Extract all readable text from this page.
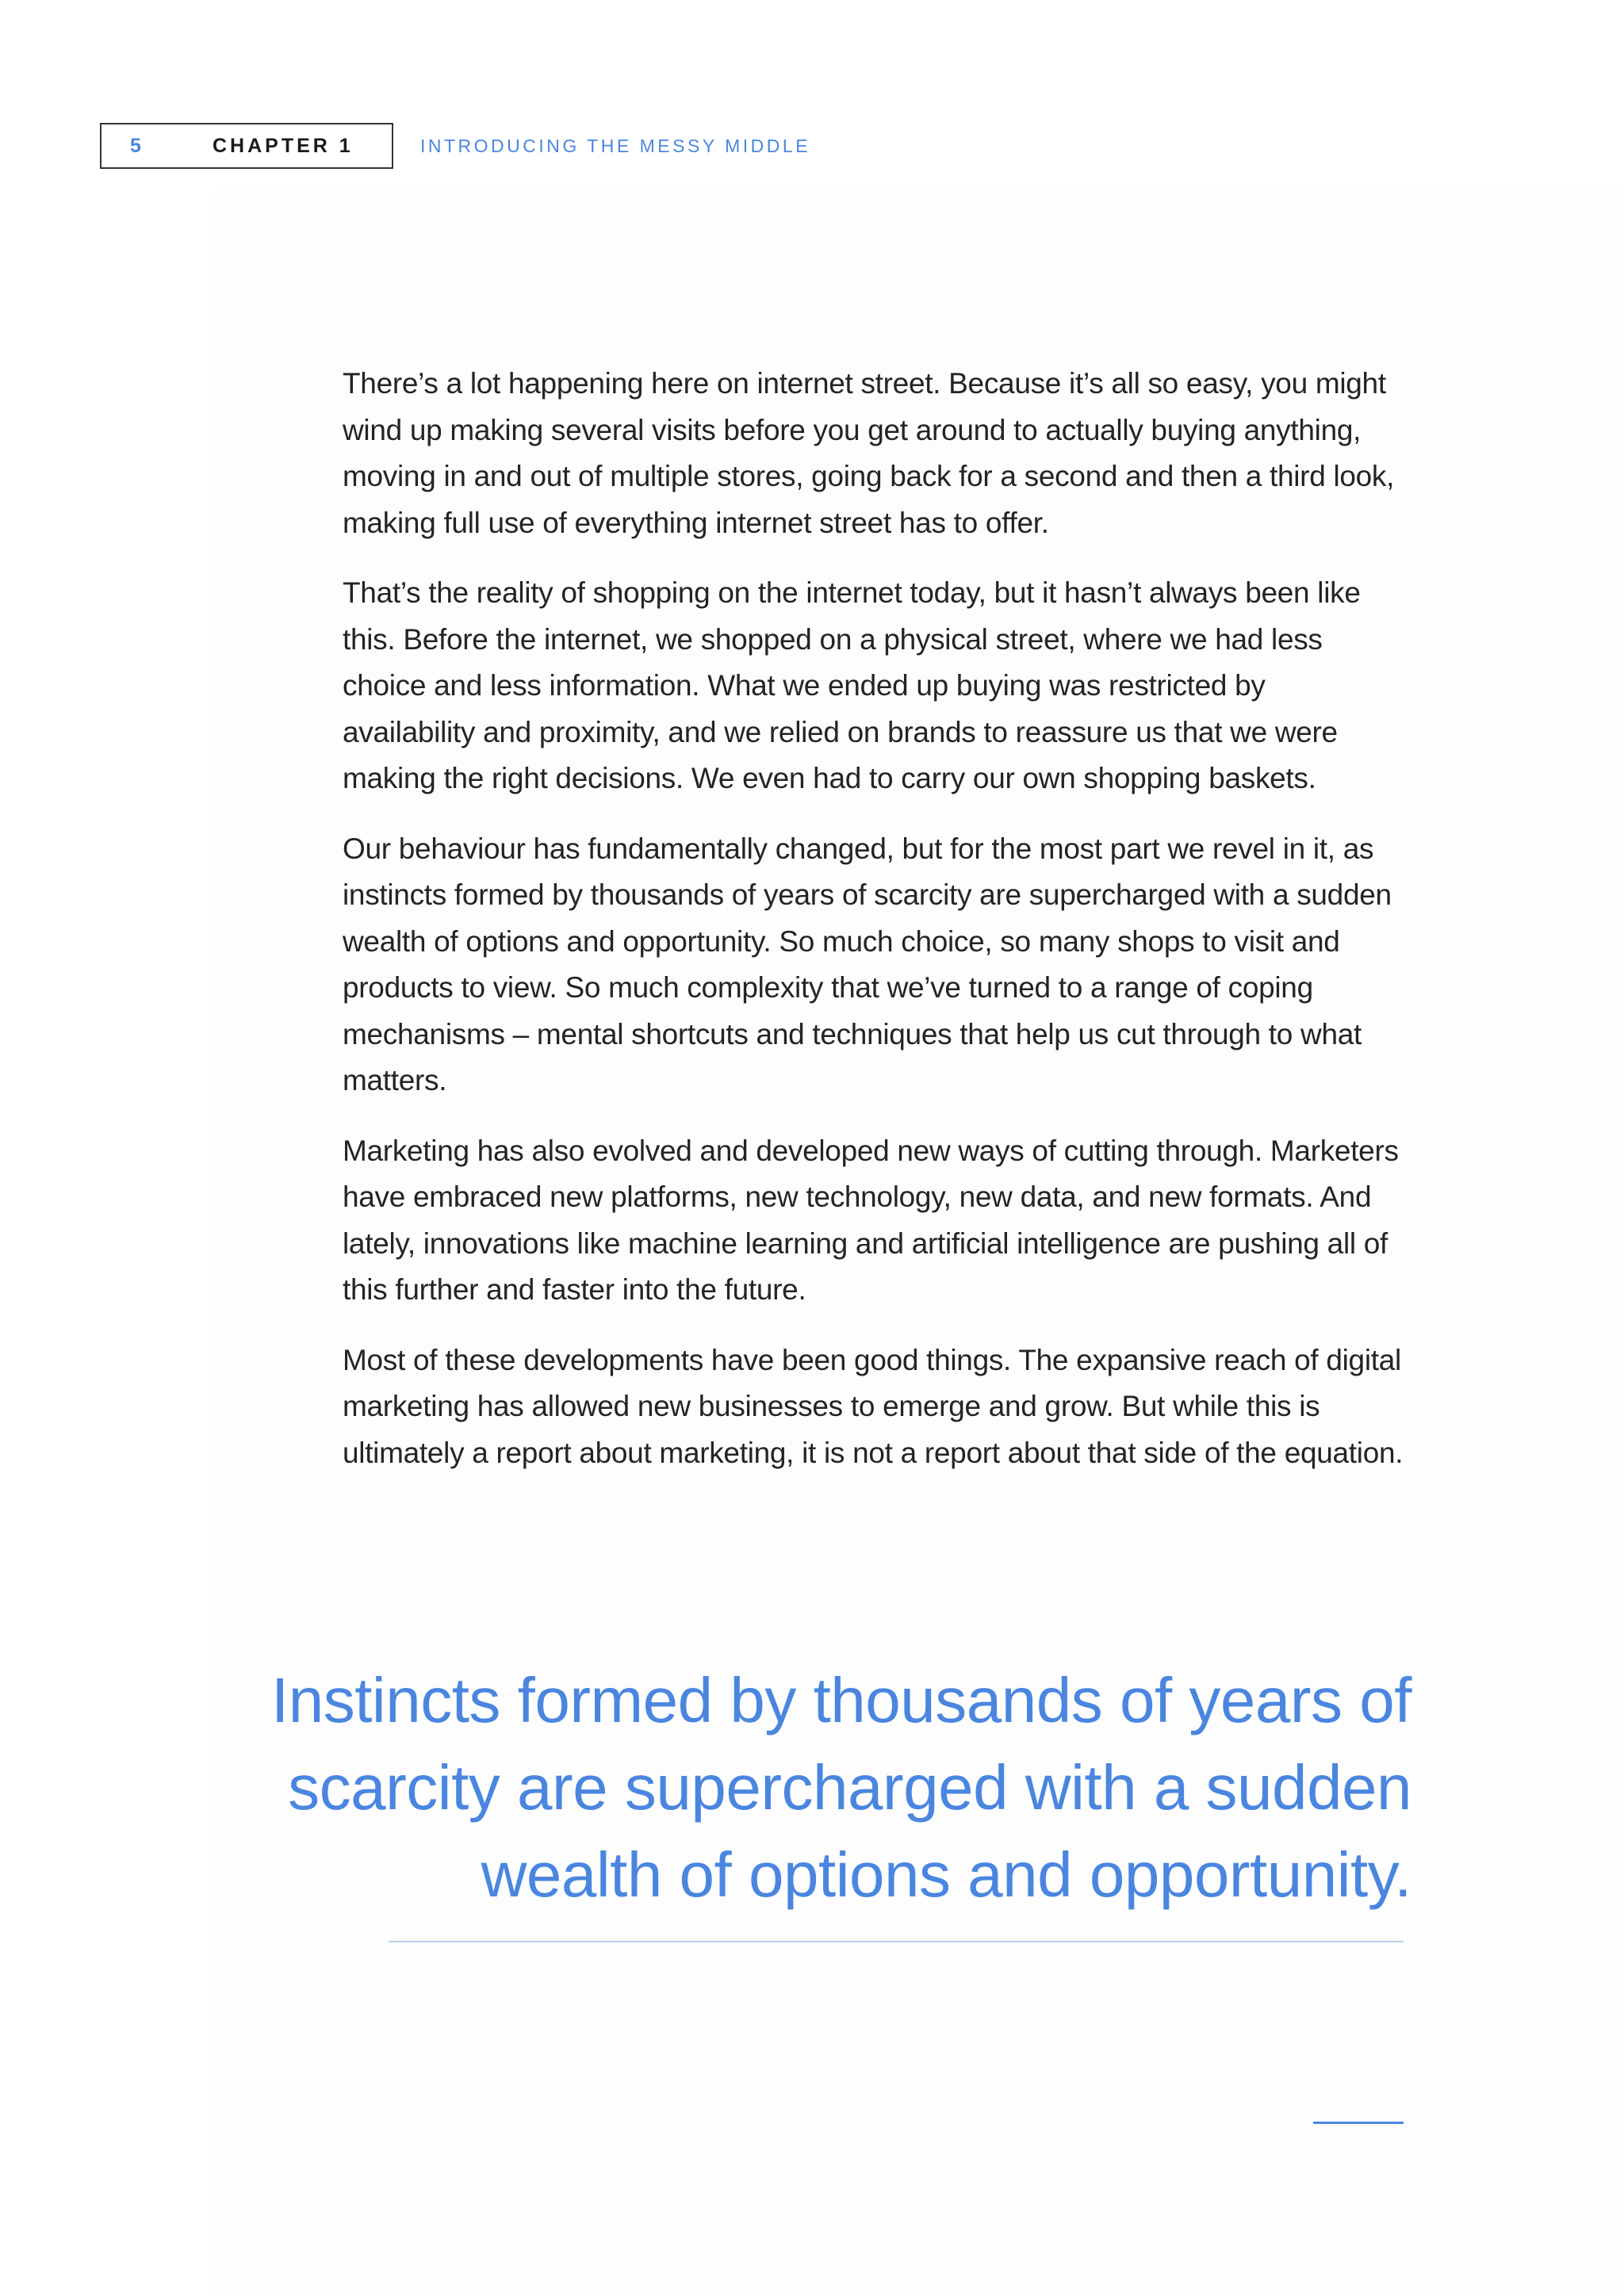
5	CHAPTER 1	INTRODUCING THE MESSY MIDDLE

There’s a lot happening here on internet street. Because it’s all so easy, you might wind up making several visits before you get around to actually buying anything, moving in and out of multiple stores, going back for a second and then a third look, making full use of everything internet street has to offer.

That’s the reality of shopping on the internet today, but it hasn’t always been like this. Before the internet, we shopped on a physical street, where we had less choice and less information. What we ended up buying was restricted by availability and proximity, and we relied on brands to reassure us that we were making the right decisions. We even had to carry our own shopping baskets.

Our behaviour has fundamentally changed, but for the most part we revel in it, as instincts formed by thousands of years of scarcity are supercharged with a sudden wealth of options and opportunity. So much choice, so many shops to visit and products to view. So much complexity that we’ve turned to a range of coping mechanisms – mental shortcuts and techniques that help us cut through to what matters.

Marketing has also evolved and developed new ways of cutting through. Marketers have embraced new platforms, new technology, new data, and new formats. And lately, innovations like machine learning and artificial intelligence are pushing all of this further and faster into the future.

Most of these developments have been good things. The expansive reach of digital marketing has allowed new businesses to emerge and grow. But while this is ultimately a report about marketing, it is not a report about that side of the equation.

Instincts formed by thousands of years of
scarcity are supercharged with a sudden
wealth of options and opportunity.
